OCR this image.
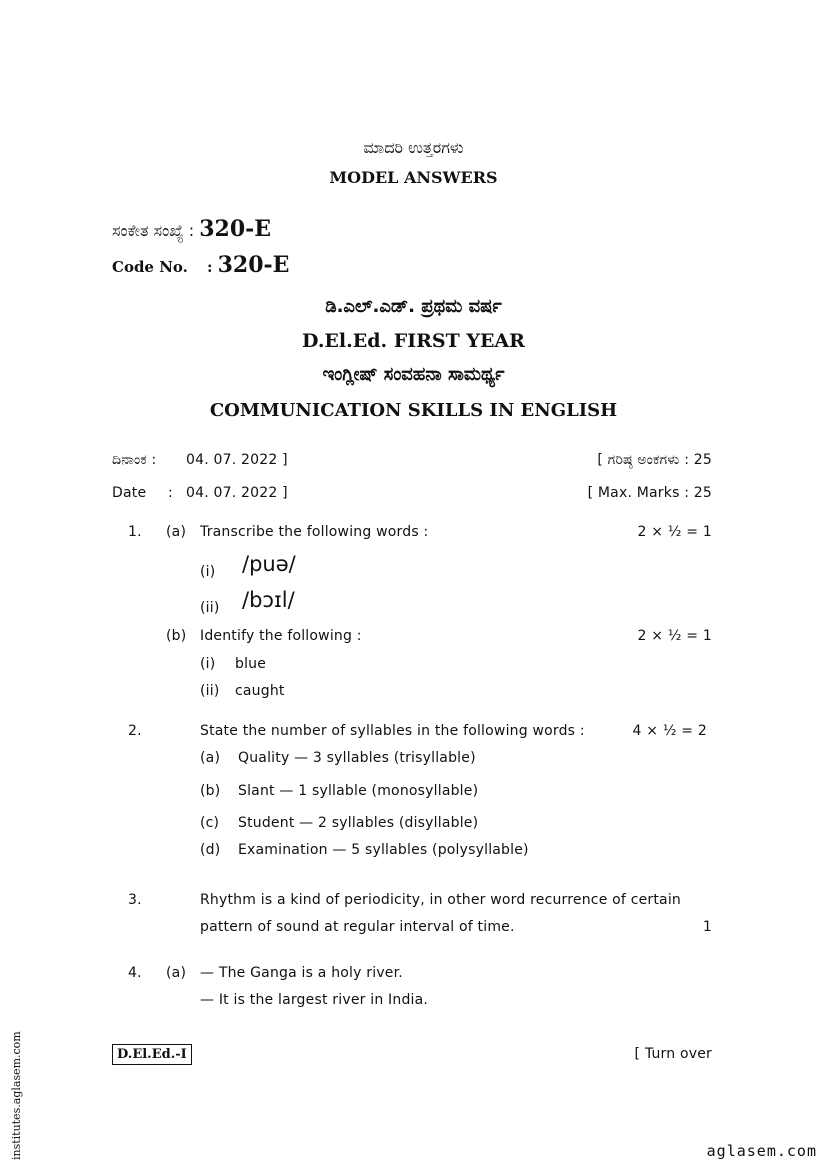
ಮಾದರಿ ಉತ್ತರಗಳು
MODEL ANSWERS
ಸಂಕೇತ ಸಂಖ್ಯೆ : 320-E
Code No. : 320-E
ಡಿ.ಎಲ್.ಎಡ್. ಪ್ರಥಮ ವರ್ಷ
D.El.Ed. FIRST YEAR
ಇಂಗ್ಲೀಷ್ ಸಂವಹನಾ ಸಾಮರ್ಥ್ಯ
COMMUNICATION SKILLS IN ENGLISH
ದಿನಾಂಕ : 04. 07. 2022 ]	[ ಗರಿಷ್ಠ ಅಂಕಗಳು : 25
Date : 04. 07. 2022 ]	[ Max. Marks : 25
1. (a) Transcribe the following words :	2 × ½ = 1
(i) /puə/
(ii) /bɔɪl/
(b) Identify the following :	2 × ½ = 1
(i) blue
(ii) caught
2.	State the number of syllables in the following words :	4 × ½ = 2
(a) Quality — 3 syllables (trisyllable)
(b) Slant — 1 syllable (monosyllable)
(c) Student — 2 syllables (disyllable)
(d) Examination — 5 syllables (polysyllable)
3.	Rhythm is a kind of periodicity, in other word recurrence of certain
pattern of sound at regular interval of time.	1
4. (a) — The Ganga is a holy river.
— It is the largest river in India.
D.El.Ed.-I	[ Turn over
institutes.aglasem.com	aglasem.com
